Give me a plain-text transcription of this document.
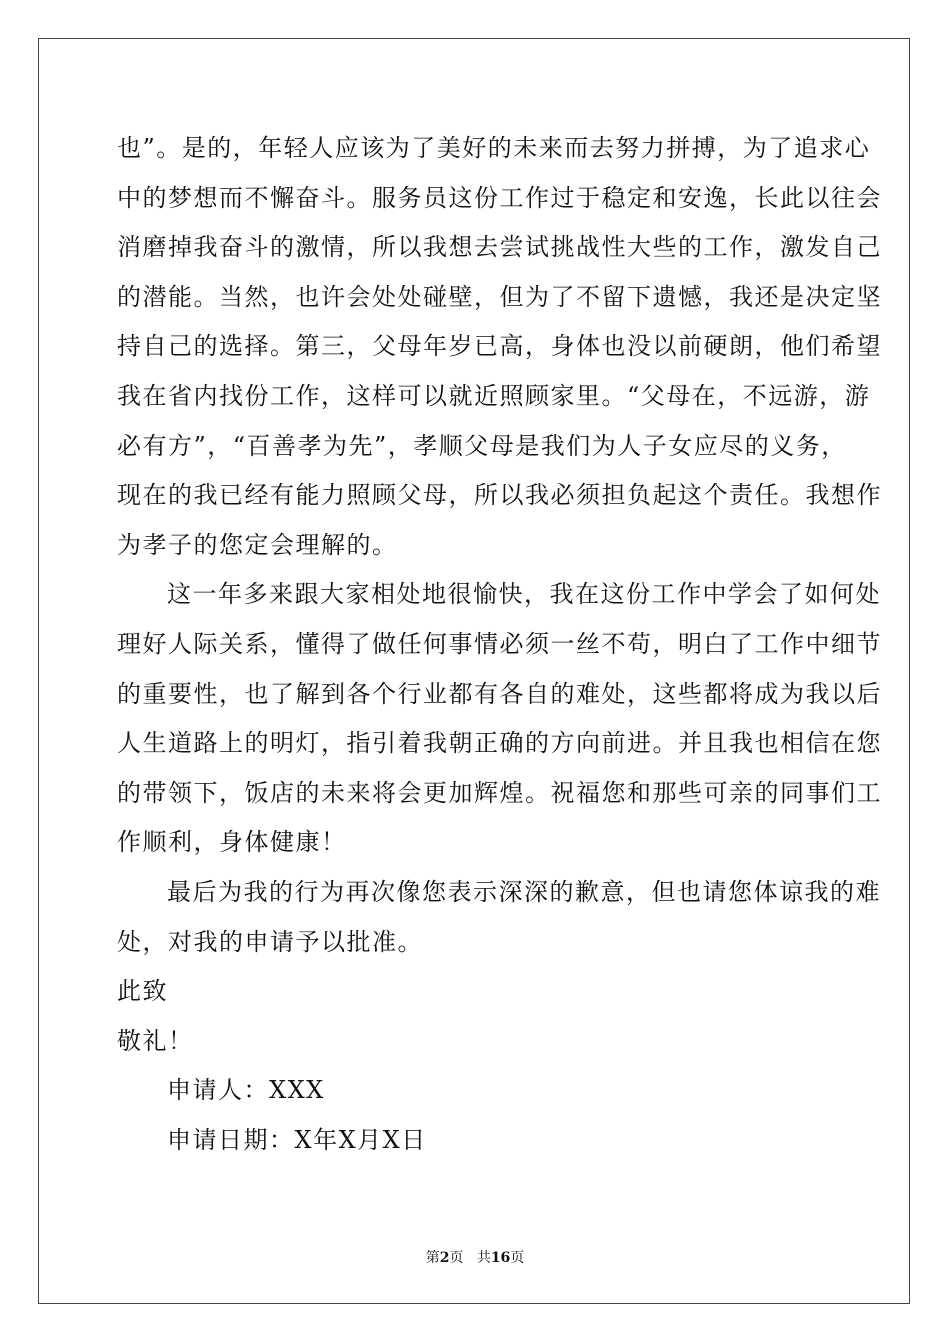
也”。是的，年轻人应该为了美好的未来而去努力拼搏，为了追求心
中的梦想而不懈奋斗。服务员这份工作过于稳定和安逸，长此以往会
消磨掉我奋斗的激情，所以我想去尝试挑战性大些的工作，激发自己
的潜能。当然，也许会处处碰壁，但为了不留下遗憾，我还是决定坚
持自己的选择。第三，父母年岁已高，身体也没以前硬朗，他们希望
我在省内找份工作，这样可以就近照顾家里。“父母在，不远游，游
必有方”，“百善孝为先”，孝顺父母是我们为人子女应尽的义务，
现在的我已经有能力照顾父母，所以我必须担负起这个责任。我想作
为孝子的您定会理解的。
这一年多来跟大家相处地很愉快，我在这份工作中学会了如何处
理好人际关系，懂得了做任何事情必须一丝不苟，明白了工作中细节
的重要性，也了解到各个行业都有各自的难处，这些都将成为我以后
人生道路上的明灯，指引着我朝正确的方向前进。并且我也相信在您
的带领下，饭店的未来将会更加辉煌。祝福您和那些可亲的同事们工
作顺利，身体健康！
最后为我的行为再次像您表示深深的歉意，但也请您体谅我的难
处，对我的申请予以批准。
此致
敬礼！
申请人：XXX
申请日期：X年X月X日
第2页 共16页
